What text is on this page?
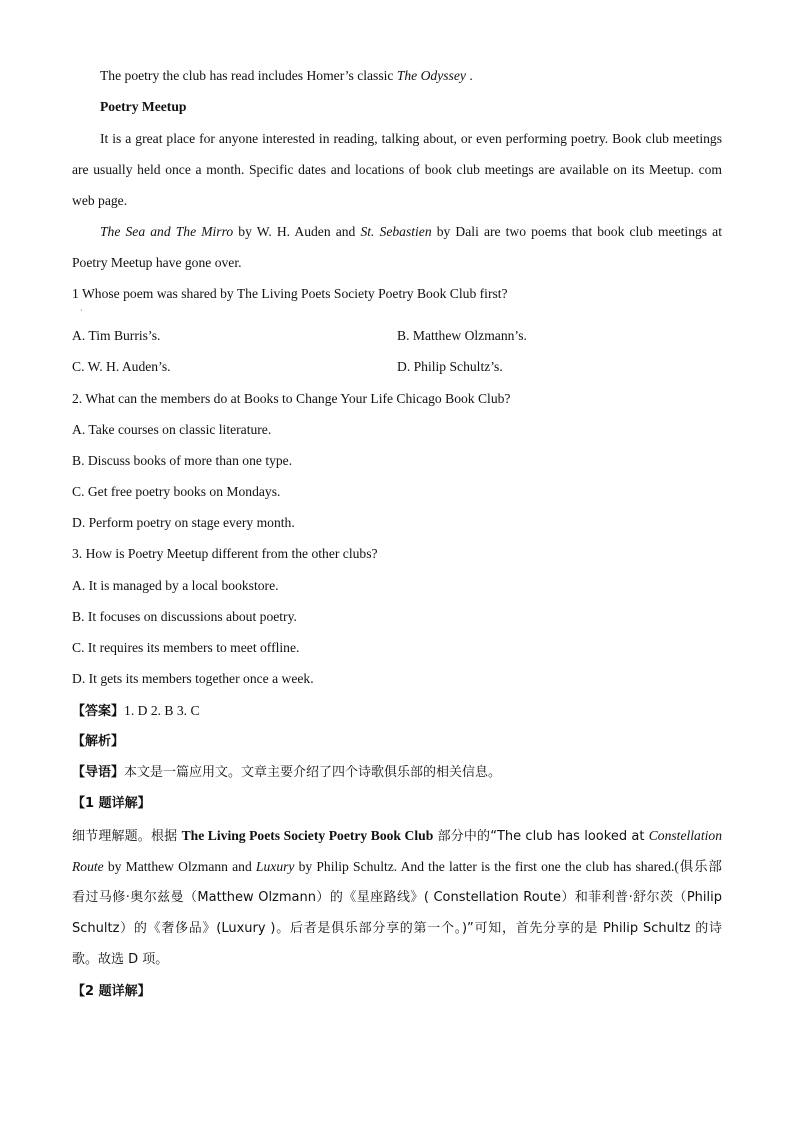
The poetry the club has read includes Homer’s classic The Odyssey .
Poetry Meetup
It is a great place for anyone interested in reading, talking about, or even performing poetry. Book club meetings
are usually held once a month. Specific dates and locations of book club meetings are available on its Meetup. com
web page.
The Sea and The Mirro by W. H. Auden and St. Sebastien by Dali are two poems that book club meetings at
Poetry Meetup have gone over.
1 Whose poem was shared by The Living Poets Society Poetry Book Club first?
·
A. Tim Burris’s.	B. Matthew Olzmann’s.
C. W. H. Auden’s.	D. Philip Schultz’s.
2. What can the members do at Books to Change Your Life Chicago Book Club?
A. Take courses on classic literature.
B. Discuss books of more than one type.
C. Get free poetry books on Mondays.
D. Perform poetry on stage every month.
3. How is Poetry Meetup different from the other clubs?
A. It is managed by a local bookstore.
B. It focuses on discussions about poetry.
C. It requires its members to meet offline.
D. It gets its members together once a week.
【答案】1. D 2. B 3. C
【解析】
【导语】本文是一篇应用文。文章主要介绍了四个诗歌俱乐部的相关信息。
【1 题详解】
细节理解题。根据 The Living Poets Society Poetry Book Club 部分中的“The club has looked at Constellation
Route by Matthew Olzmann and Luxury by Philip Schultz. And the latter is the first one the club has shared.(俱乐部
看过马修·奥尔兹曼（Matthew Olzmann）的《星座路线》( Constellation Route）和菲利普·舒尔茨（Philip
Schultz）的《奢侈品》(Luxury )。后者是俱乐部分享的第一个。)”可知，首先分享的是 Philip Schultz 的诗
歌。故选 D 项。
【2 题详解】
